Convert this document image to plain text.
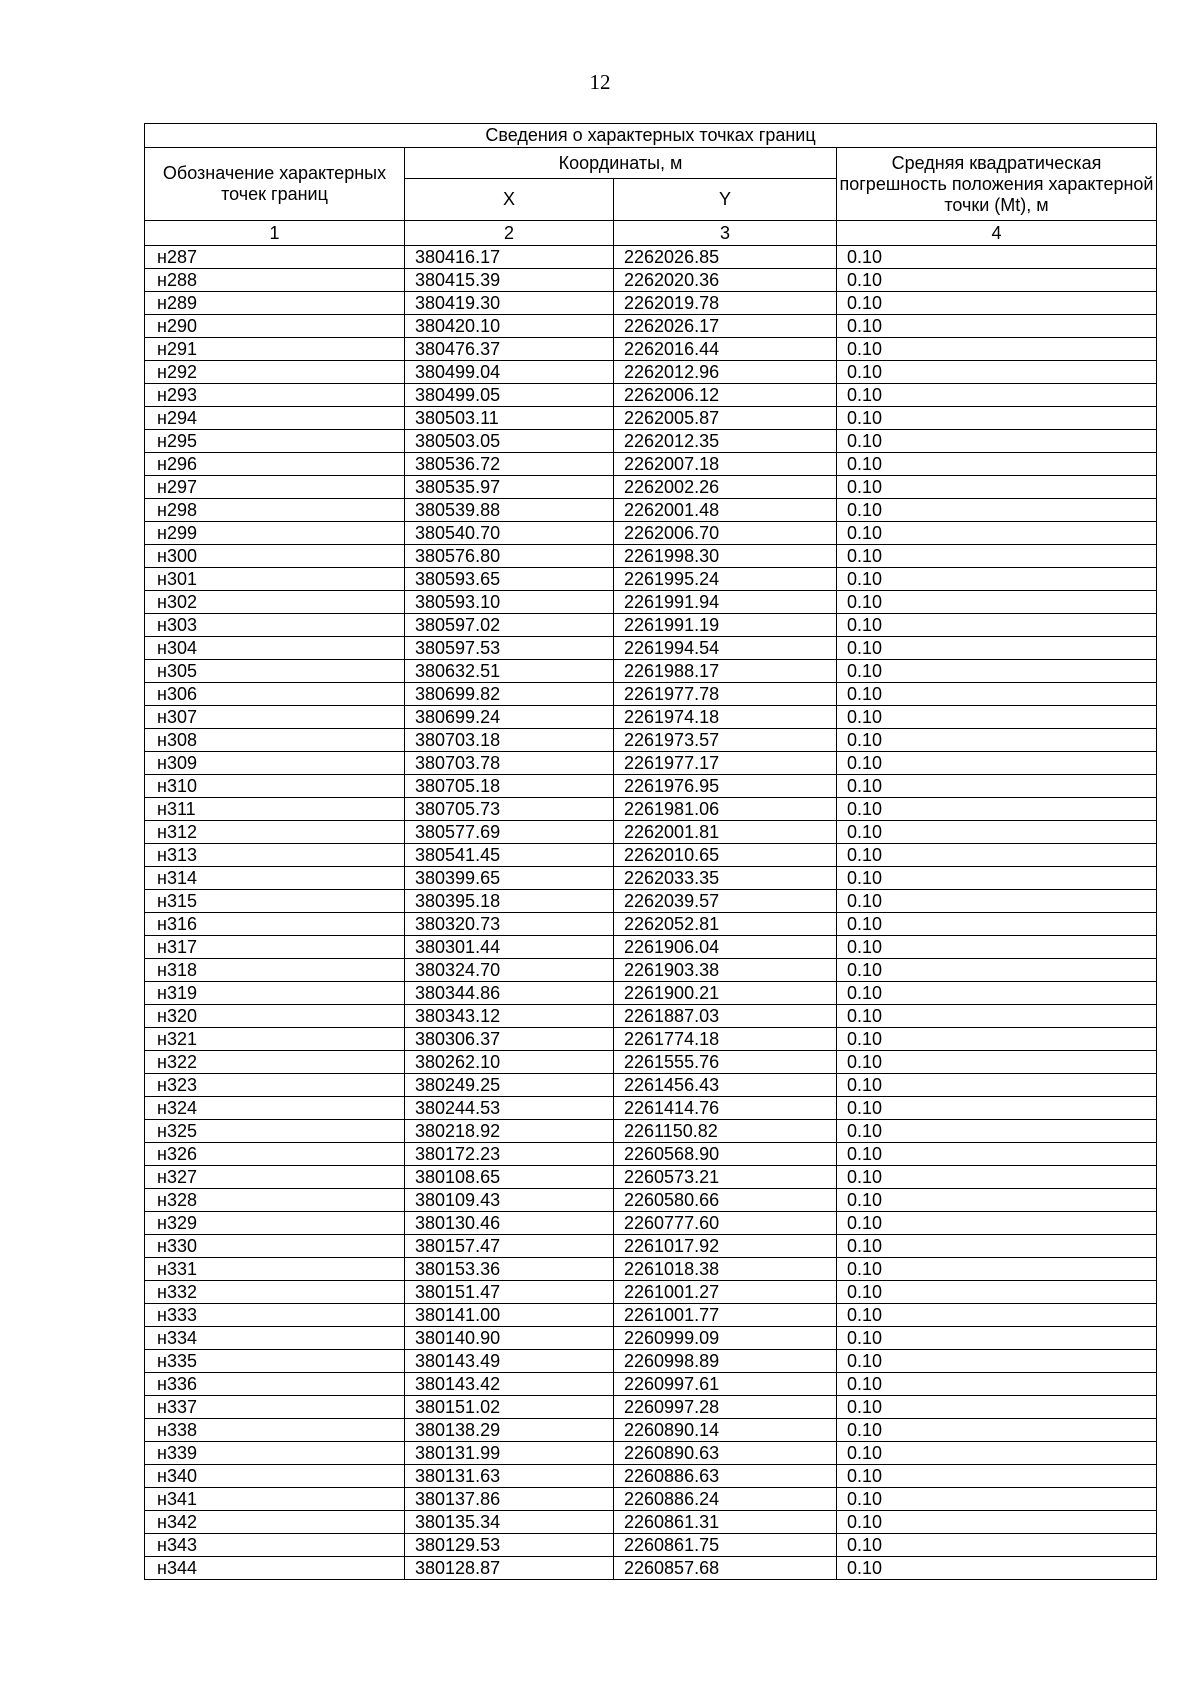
12
Сведения о характерных точках границ			
Обозначение характерных точек границ	Координаты, м		Средняя квадратическая погрешность положения характерной точки (Mt), м
	X	Y	
1	2	3	4
н287	380416.17	2262026.85	0.10
н288	380415.39	2262020.36	0.10
н289	380419.30	2262019.78	0.10
н290	380420.10	2262026.17	0.10
н291	380476.37	2262016.44	0.10
н292	380499.04	2262012.96	0.10
н293	380499.05	2262006.12	0.10
н294	380503.11	2262005.87	0.10
н295	380503.05	2262012.35	0.10
н296	380536.72	2262007.18	0.10
н297	380535.97	2262002.26	0.10
н298	380539.88	2262001.48	0.10
н299	380540.70	2262006.70	0.10
н300	380576.80	2261998.30	0.10
н301	380593.65	2261995.24	0.10
н302	380593.10	2261991.94	0.10
н303	380597.02	2261991.19	0.10
н304	380597.53	2261994.54	0.10
н305	380632.51	2261988.17	0.10
н306	380699.82	2261977.78	0.10
н307	380699.24	2261974.18	0.10
н308	380703.18	2261973.57	0.10
н309	380703.78	2261977.17	0.10
н310	380705.18	2261976.95	0.10
н311	380705.73	2261981.06	0.10
н312	380577.69	2262001.81	0.10
н313	380541.45	2262010.65	0.10
н314	380399.65	2262033.35	0.10
н315	380395.18	2262039.57	0.10
н316	380320.73	2262052.81	0.10
н317	380301.44	2261906.04	0.10
н318	380324.70	2261903.38	0.10
н319	380344.86	2261900.21	0.10
н320	380343.12	2261887.03	0.10
н321	380306.37	2261774.18	0.10
н322	380262.10	2261555.76	0.10
н323	380249.25	2261456.43	0.10
н324	380244.53	2261414.76	0.10
н325	380218.92	2261150.82	0.10
н326	380172.23	2260568.90	0.10
н327	380108.65	2260573.21	0.10
н328	380109.43	2260580.66	0.10
н329	380130.46	2260777.60	0.10
н330	380157.47	2261017.92	0.10
н331	380153.36	2261018.38	0.10
н332	380151.47	2261001.27	0.10
н333	380141.00	2261001.77	0.10
н334	380140.90	2260999.09	0.10
н335	380143.49	2260998.89	0.10
н336	380143.42	2260997.61	0.10
н337	380151.02	2260997.28	0.10
н338	380138.29	2260890.14	0.10
н339	380131.99	2260890.63	0.10
н340	380131.63	2260886.63	0.10
н341	380137.86	2260886.24	0.10
н342	380135.34	2260861.31	0.10
н343	380129.53	2260861.75	0.10
н344	380128.87	2260857.68	0.10
